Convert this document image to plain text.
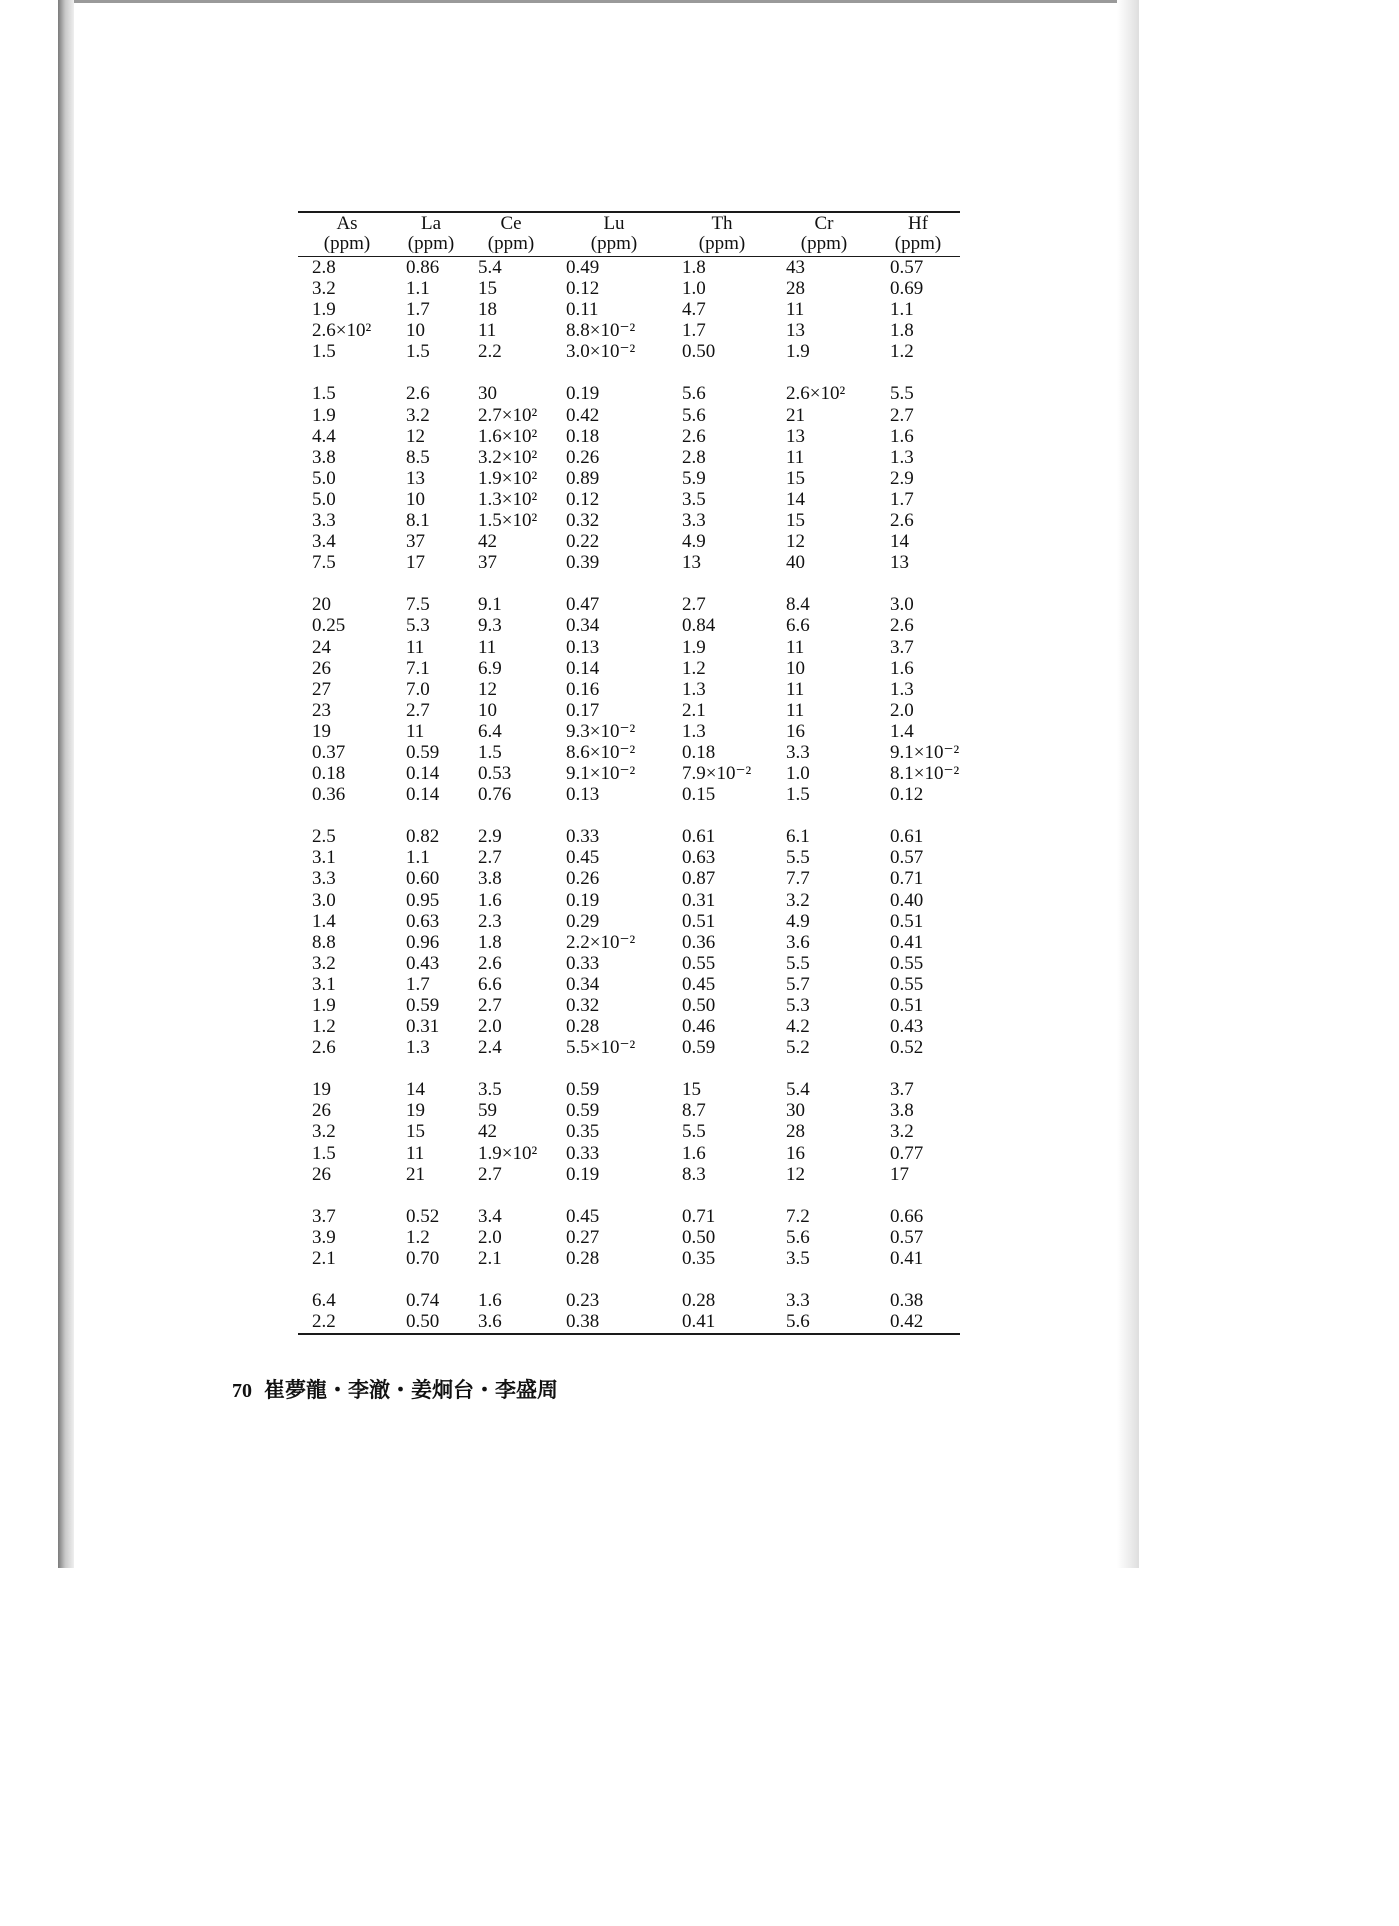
As	La	Ce	Lu	Th	Cr	Hf
(ppm)	(ppm)	(ppm)	(ppm)	(ppm)	(ppm)	(ppm)
2.8	0.86	5.4	0.49	1.8	43	0.57
3.2	1.1	15	0.12	1.0	28	0.69
1.9	1.7	18	0.11	4.7	11	1.1
2.6×10²	10	11	8.8×10⁻²	1.7	13	1.8
1.5	1.5	2.2	3.0×10⁻²	0.50	1.9	1.2
1.5	2.6	30	0.19	5.6	2.6×10²	5.5
1.9	3.2	2.7×10²	0.42	5.6	21	2.7
4.4	12	1.6×10²	0.18	2.6	13	1.6
3.8	8.5	3.2×10²	0.26	2.8	11	1.3
5.0	13	1.9×10²	0.89	5.9	15	2.9
5.0	10	1.3×10²	0.12	3.5	14	1.7
3.3	8.1	1.5×10²	0.32	3.3	15	2.6
3.4	37	42	0.22	4.9	12	14
7.5	17	37	0.39	13	40	13
20	7.5	9.1	0.47	2.7	8.4	3.0
0.25	5.3	9.3	0.34	0.84	6.6	2.6
24	11	11	0.13	1.9	11	3.7
26	7.1	6.9	0.14	1.2	10	1.6
27	7.0	12	0.16	1.3	11	1.3
23	2.7	10	0.17	2.1	11	2.0
19	11	6.4	9.3×10⁻²	1.3	16	1.4
0.37	0.59	1.5	8.6×10⁻²	0.18	3.3	9.1×10⁻²
0.18	0.14	0.53	9.1×10⁻²	7.9×10⁻²	1.0	8.1×10⁻²
0.36	0.14	0.76	0.13	0.15	1.5	0.12
2.5	0.82	2.9	0.33	0.61	6.1	0.61
3.1	1.1	2.7	0.45	0.63	5.5	0.57
3.3	0.60	3.8	0.26	0.87	7.7	0.71
3.0	0.95	1.6	0.19	0.31	3.2	0.40
1.4	0.63	2.3	0.29	0.51	4.9	0.51
8.8	0.96	1.8	2.2×10⁻²	0.36	3.6	0.41
3.2	0.43	2.6	0.33	0.55	5.5	0.55
3.1	1.7	6.6	0.34	0.45	5.7	0.55
1.9	0.59	2.7	0.32	0.50	5.3	0.51
1.2	0.31	2.0	0.28	0.46	4.2	0.43
2.6	1.3	2.4	5.5×10⁻²	0.59	5.2	0.52
19	14	3.5	0.59	15	5.4	3.7
26	19	59	0.59	8.7	30	3.8
3.2	15	42	0.35	5.5	28	3.2
1.5	11	1.9×10²	0.33	1.6	16	0.77
26	21	2.7	0.19	8.3	12	17
3.7	0.52	3.4	0.45	0.71	7.2	0.66
3.9	1.2	2.0	0.27	0.50	5.6	0.57
2.1	0.70	2.1	0.28	0.35	3.5	0.41
6.4	0.74	1.6	0.23	0.28	3.3	0.38
2.2	0.50	3.6	0.38	0.41	5.6	0.42
70 崔夢龍・李澈・姜炯台・李盛周
